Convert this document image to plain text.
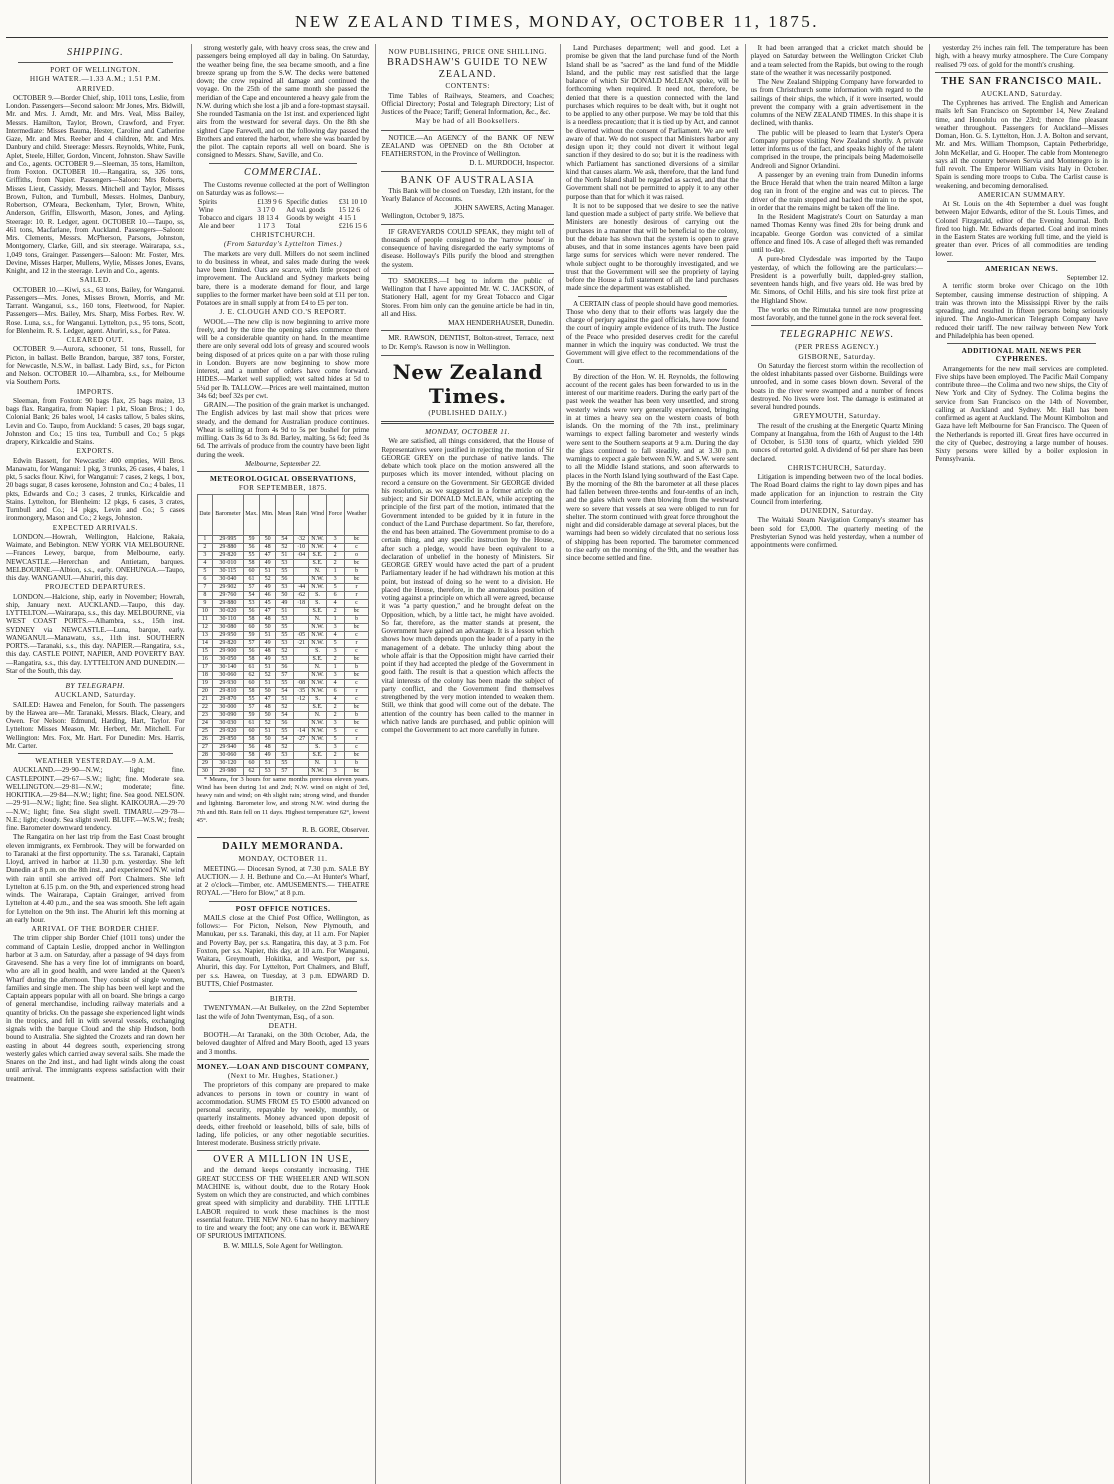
NEW ZEALAND TIMES, MONDAY, OCTOBER 11, 1875.
SHIPPING.
PORT OF WELLINGTON.
HIGH WATER.—1.33 A.M.; 1.51 P.M.
ARRIVED.

OCTOBER 9.—Border Chief, ship, 1011 tons, Leslie, from London. Passengers—Second saloon: Mr Jones, Mrs. Bidwill, Mr. and Mrs. J. Arndt, Mr. and Mrs. Veal, Miss Bailey, Messrs. Hamilton, Taylor, Brown, Crawford, and Fryer. Intermediate: Misses Bauma, Hester, Caroline and Catherine Gaze, Mr. and Mrs. Reeber and 4 children, Mr. and Mrs. Danbury and child. Steerage: Messrs. Reynolds, White, Funk, Aplet, Steele, Hiller, Gordon, Vincent, Johnston. Shaw Saville and Co., agents. OCTOBER 9.—Sleeman, 35 tons, Hamilton, from Foxton. OCTOBER 10.—Rangatira, ss, 326 tons, Griffiths, from Napier. Passengers—Saloon: Mrs Roberts, Misses Lieut, Cassidy, Messrs. Mitchell and Taylor, Misses Brown, Fulton, and Turnbull, Messrs. Holmes, Danbury, Robertson, O'Meara, Beckenham, Tyler, Brown, White, Anderson, Griffin, Ellsworth, Mason, Jones, and Ayling. Steerage: 10. R. Ledger, agent. OCTOBER 10.—Taupo, ss, 461 tons, Macfarlane, from Auckland. Passengers—Saloon: Mrs. Clements, Messrs. McPherson, Parsons, Johnston, Montgomery, Clarke, Gill, and six steerage. Wairarapa, s.s., 1,049 tons, Grainger. Passengers—Saloon: Mr. Foster, Mrs. Devine, Misses Harper, Mullens, Wylie, Misses Jones, Evans, Knight, and 12 in the steerage. Levin and Co., agents.

SAILED.

OCTOBER 10.—Kiwi, s.s., 63 tons, Bailey, for Wanganui. Passengers—Mrs. Jones, Misses Brown, Morris, and Mr. Tarrant. Wanganui, s.s., 160 tons, Fleetwood, for Napier. Passengers—Mrs. Bailey, Mrs. Sharp, Miss Forbes. Rev. W. Rose. Luna, s.s., for Wanganui. Lyttelton, p.s., 95 tons, Scott, for Blenheim. R. S. Ledger, agent. Ahuriri, s.s., for Patea.

CLEARED OUT.

OCTOBER 9.—Aurora, schooner, 51 tons, Russell, for Picton, in ballast. Belle Brandon, barque, 387 tons, Forster, for Newcastle, N.S.W., in ballast. Lady Bird, s.s., for Picton and Nelson. OCTOBER 10.—Alhambra, s.s., for Melbourne via Southern Ports.

IMPORTS.

Sleeman, from Foxton: 90 bags flax, 25 bags maize, 13 bags flax. Rangatira, from Napier: 1 pkt, Sloan Bros.; 1 do, Colonial Bank; 26 bales wool, 14 casks tallow, 5 bales skins, Levin and Co. Taupo, from Auckland: 5 cases, 20 bags sugar, Johnston and Co.; 15 tins tea, Turnbull and Co.; 5 pkgs drapery, Kirkcaldie and Stains.

EXPORTS.

Edwin Bassett, for Newcastle: 400 empties, Will Bros. Manawatu, for Wanganui: 1 pkg, 3 trunks, 26 cases, 4 bales, 1 pkt, 5 sacks flour. Kiwi, for Wanganui: 7 cases, 2 kegs, 1 box, 20 bags sugar, 8 cases kerosene, Johnston and Co.; 4 bales, 11 pkts, Edwards and Co.; 3 cases, 2 trunks, Kirkcaldie and Stains. Lyttelton, for Blenheim: 12 pkgs, 6 cases, 3 crates, Turnbull and Co.; 14 pkgs, Levin and Co.; 5 cases ironmongery, Mason and Co.; 2 kegs, Johnston.

EXPECTED ARRIVALS.

LONDON.—Howrah, Wellington, Halcione, Rakaia, Waimate, and Bebington. NEW YORK VIA MELBOURNE.—Frances Lewey, barque, from Melbourne, early. NEWCASTLE.—Hererchan and Antietam, barques. MELBOURNE.—Albion, s.s., early. ONEHUNGA.—Taupo, this day. WANGANUI.—Ahuriri, this day.

PROJECTED DEPARTURES.

LONDON.—Halcione, ship, early in November; Howrah, ship, January next. AUCKLAND.—Taupo, this day. LYTTELTON.—Wairarapa, s.s., this day. MELBOURNE, via WEST COAST PORTS.—Alhambra, s.s., 15th inst. SYDNEY via NEWCASTLE.—Luna, barque, early. WANGANUI.—Manawatu, s.s., 11th inst. SOUTHERN PORTS.—Taranaki, s.s., this day. NAPIER.—Rangatira, s.s., this day. CASTLE POINT, NAPIER, AND POVERTY BAY.—Rangatira, s.s., this day. LYTTELTON AND DUNEDIN.—Star of the South, this day.

BY TELEGRAPH.
AUCKLAND, Saturday.

SAILED: Hawea and Fenelon, for South. The passengers by the Hawea are—Mr. Taranaki, Messrs. Black, Cleary, and Owen. For Nelson: Edmund, Harding, Hart, Taylor. For Lyttelton: Misses Meason, Mr. Herbert, Mr. Mitchell. For Wellington: Mrs. Fox, Mr. Hart. For Dunedin: Mrs. Harris, Mr. Carter.

WEATHER YESTERDAY.—9 A.M.

AUCKLAND.—29·90—N.W.; light; fine. CASTLEPOINT.—29·67—S.W.; light; fine. Moderate sea. WELLINGTON.—29·81—N.W.; moderate; fine. HOKITIKA.—29·84—N.W.; light; fine. Sea good. NELSON.—29·91—N.W.; light; fine. Sea slight. KAIKOURA.—29·70—N.W.; light; fine. Sea slight swell. TIMARU.—29·78—N.E.; light; cloudy. Sea slight swell. BLUFF.—W.S.W.; fresh; fine. Barometer downward tendency.

The Rangatira on her last trip from the East Coast brought eleven immigrants, ex Fernbrook. They will be forwarded on to Taranaki at the first opportunity. The s.s. Taranaki, Captain Lloyd, arrived in harbor at 11.30 p.m. yesterday. She left Dunedin at 8 p.m. on the 8th inst., and experienced N.W. wind with rain until she arrived off Port Chalmers. She left Lyttelton at 6.15 p.m. on the 9th, and experienced strong head winds. The Wairarapa, Captain Grainger, arrived from Lyttelton at 4.40 p.m., and the sea was smooth. She left again for Lyttelton on the 9th inst. The Ahuriri left this morning at an early hour.

ARRIVAL OF THE BORDER CHIEF.

The trim clipper ship Border Chief (1011 tons) under the command of Captain Leslie, dropped anchor in Wellington harbor at 3 a.m. on Saturday, after a passage of 94 days from Gravesend. She has a very fine lot of immigrants on board, who are all in good health, and were landed at the Queen's Wharf during the afternoon. They consist of single women, families and single men. The ship has been well kept and the Captain appears popular with all on board. She brings a cargo of general merchandise, including railway materials and a quantity of bricks. On the passage she experienced light winds in the tropics, and fell in with several vessels, exchanging signals with the barque Cloud and the ship Hudson, both bound to Australia. She sighted the Crozets and ran down her easting in about 44 degrees south, experiencing strong westerly gales which carried away several sails. She made the Snares on the 2nd inst., and had light winds along the coast until arrival. The immigrants express satisfaction with their treatment.

strong westerly gale, with heavy cross seas, the crew and passengers being employed all day in baling. On Saturday, the weather being fine, the sea became smooth, and a fine breeze sprang up from the S.W. The decks were battened down; the crew repaired all damage and continued the voyage. On the 25th of the same month she passed the meridian of the Cape and encountered a heavy gale from the N.W. during which she lost a jib and a fore-topmast staysail. She rounded Tasmania on the 1st inst. and experienced light airs from the westward for several days. On the 8th she sighted Cape Farewell, and on the following day passed the Brothers and entered the harbor, where she was boarded by the pilot. The captain reports all well on board. She is consigned to Messrs. Shaw, Saville, and Co.

COMMERCIAL.

The Customs revenue collected at the port of Wellington on Saturday was as follows:—

Spirits	£139 9 6	Specific duties	£31 10 10
Wine	3 17 0	Ad val. goods	15 12 6
Tobacco and cigars	18 13 4	Goods by weight	4 15 1
Ale and beer	1 17 3	Total	£216 15 6
CHRISTCHURCH.
(From Saturday's Lyttelton Times.)

The markets are very dull. Millers do not seem inclined to do business in wheat, and sales made during the week have been limited. Oats are scarce, with little prospect of improvement. The Auckland and Sydney markets being bare, there is a moderate demand for flour, and large supplies to the former market have been sold at £11 per ton. Potatoes are in small supply at from £4 to £5 per ton.

J. E. CLOUGH AND CO.'S REPORT.

WOOL.—The new clip is now beginning to arrive more freely, and by the time the opening sales commence there will be a considerable quantity on hand. In the meantime there are only several odd lots of greasy and scoured wools being disposed of at prices quite on a par with those ruling in London. Buyers are now beginning to show more interest, and a number of orders have come forward. HIDES.—Market well supplied; wet salted hides at 5d to 5¼d per lb. TALLOW.—Prices are well maintained, mutton 34s 6d; beef 32s per cwt.

GRAIN.—The position of the grain market is unchanged. The English advices by last mail show that prices were steady, and the demand for Australian produce continues. Wheat is selling at from 4s 9d to 5s per bushel for prime milling. Oats 3s 6d to 3s 8d. Barley, malting, 5s 6d; feed 3s 6d. The arrivals of produce from the country have been light during the week.

Melbourne, September 22.
METEOROLOGICAL OBSERVATIONS,
FOR SEPTEMBER, 1875.
Date	Barometer	Max.	Min.	Mean	Rain	Wind	Force	Weather
1	29·995	59	50	54	·32	N.W.	3	bc
2	29·880	56	48	52	·10	N.W.	4	c
3	29·820	55	47	51	·04	S.E.	2	o
4	30·010	58	49	53		S.E.	2	bc
5	30·115	60	51	55		N.	1	b
6	30·040	61	52	56		N.W.	3	bc
7	29·902	57	49	53	·44	N.W.	5	r
8	29·760	54	46	50	·62	S.	6	r
9	29·880	53	45	49	·18	S.	4	c
10	30·020	56	47	51		S.E.	2	bc
11	30·110	58	48	53		N.	1	b
12	30·080	60	50	55		N.W.	3	bc
13	29·950	59	51	55	·05	N.W.	4	c
14	29·820	57	49	53	·21	N.W.	5	r
15	29·900	56	48	52		S.	3	c
16	30·050	58	49	53		S.E.	2	bc
17	30·140	61	51	56		N.	1	b
18	30·060	62	52	57		N.W.	3	bc
19	29·930	60	51	55	·08	N.W.	4	c
20	29·810	58	50	54	·35	N.W.	6	r
21	29·870	55	47	51	·12	S.	4	c
22	30·000	57	48	52		S.E.	2	bc
23	30·090	59	50	54		N.	2	b
24	30·030	61	52	56		N.W.	3	bc
25	29·920	60	51	55	·14	N.W.	5	c
26	29·850	58	50	54	·27	N.W.	5	r
27	29·940	56	48	52		S.	3	c
28	30·060	58	49	53		S.E.	2	bc
29	30·120	60	51	55		N.	1	b
30	29·980	62	53	57		N.W.	3	bc

* Means, for 3 hours for same months previous eleven years. Wind has been during 1st and 2nd; N.W. wind on night of 3rd, heavy rain and wind; on 4th slight rain; strong wind, and thunder and lightning. Barometer low, and strong N.W. wind during the 7th and 8th. Rain fell on 11 days. Highest temperature 62°, lowest 45°.

R. B. GORE, Observer.
DAILY MEMORANDA.
MONDAY, OCTOBER 11.

MEETING.— Diocesan Synod, at 7.30 p.m. SALE BY AUCTION.— J. H. Bethune and Co.—At Hunter's Wharf, at 2 o'clock—Timber, etc. AMUSEMENTS.— THEATRE ROYAL.—"Hero for Blow," at 8 p.m.

POST OFFICE NOTICES.

MAILS close at the Chief Post Office, Wellington, as follows:— For Picton, Nelson, New Plymouth, and Manukau, per s.s. Taranaki, this day, at 11 a.m. For Napier and Poverty Bay, per s.s. Rangatira, this day, at 3 p.m. For Foxton, per s.s. Napier, this day, at 10 a.m. For Wanganui, Waitara, Greymouth, Hokitika, and Westport, per s.s. Ahuriri, this day. For Lyttelton, Port Chalmers, and Bluff, per s.s. Hawea, on Tuesday, at 3 p.m. EDWARD D. BUTTS, Chief Postmaster.

BIRTH.

TWENTYMAN.—At Bulkeley, on the 22nd September last the wife of John Twentyman, Esq., of a son.

DEATH.

BOOTH.—At Taranaki, on the 30th October, Ada, the beloved daughter of Alfred and Mary Booth, aged 13 years and 3 months.

MONEY.—LOAN AND DISCOUNT COMPANY,
(Next to Mr. Hughes, Stationer.)

The proprietors of this company are prepared to make advances to persons in town or country in want of accommodation. SUMS FROM £5 TO £5000 advanced on personal security, repayable by weekly, monthly, or quarterly instalments. Money advanced upon deposit of deeds, either freehold or leasehold, bills of sale, bills of lading, life policies, or any other negotiable securities. Interest moderate. Business strictly private.

OVER A MILLION IN USE,

and the demand keeps constantly increasing. THE GREAT SUCCESS OF THE WHEELER AND WILSON MACHINE is, without doubt, due to the Rotary Hook System on which they are constructed, and which combines great speed with simplicity and durability. THE LITTLE LABOR required to work these machines is the most essential feature. THE NEW NO. 6 has no heavy machinery to tire and weary the foot; any one can work it. BEWARE OF SPURIOUS IMITATIONS.

B. W. MILLS, Sole Agent for Wellington.
NOW PUBLISHING, PRICE ONE SHILLING.
BRADSHAW'S GUIDE TO NEW ZEALAND.
CONTENTS:

Time Tables of Railways, Steamers, and Coaches; Official Directory; Postal and Telegraph Directory; List of Justices of the Peace; Tariff; General Information, &c., &c.

May be had of all Booksellers.

NOTICE.—An AGENCY of the BANK OF NEW ZEALAND was OPENED on the 8th October at FEATHERSTON, in the Province of Wellington.

D. L. MURDOCH, Inspector.
BANK OF AUSTRALASIA

This Bank will be closed on Tuesday, 12th instant, for the Yearly Balance of Accounts.

JOHN SAWERS, Acting Manager.
Wellington, October 9, 1875.

IF GRAVEYARDS COULD SPEAK, they might tell of thousands of people consigned to the 'narrow house' in consequence of having disregarded the early symptoms of disease. Holloway's Pills purify the blood and strengthen the system.

TO SMOKERS.—I beg to inform the public of Wellington that I have appointed Mr. W. C. JACKSON, of Stationery Hall, agent for my Great Tobacco and Cigar Stores. From him only can the genuine article be had in tin, all and Hiss.

MAX HENDERHAUSER, Dunedin.

MR. RAWSON, DENTIST, Bolton-street, Terrace, next to Dr. Kemp's. Rawson is now in Wellington.

New Zealand Times.
(PUBLISHED DAILY.)
MONDAY, OCTOBER 11.

We are satisfied, all things considered, that the House of Representatives were justified in rejecting the motion of Sir GEORGE GREY on the purchase of native lands. The debate which took place on the motion answered all the purposes which its mover intended, without placing on record a censure on the Government. Sir GEORGE divided his resolution, as we suggested in a former article on the subject; and Sir DONALD McLEAN, while accepting the principle of the first part of the motion, intimated that the Government intended to be guided by it in future in the conduct of the Land Purchase department. So far, therefore, the end has been attained. The Government promise to do a certain thing, and any specific instruction by the House, after such a pledge, would have been equivalent to a declaration of unbelief in the honesty of Ministers. Sir GEORGE GREY would have acted the part of a prudent Parliamentary leader if he had withdrawn his motion at this point, but instead of doing so he went to a division. He placed the House, therefore, in the anomalous position of voting against a principle on which all were agreed, because it was "a party question," and he brought defeat on the Opposition, which, by a little tact, he might have avoided. So far, therefore, as the matter stands at present, the Government have gained an advantage. It is a lesson which shows how much depends upon the leader of a party in the management of a debate. The unlucky thing about the whole affair is that the Opposition might have carried their point if they had accepted the pledge of the Government in good faith. The result is that a question which affects the vital interests of the colony has been made the subject of party conflict, and the Government find themselves strengthened by the very motion intended to weaken them. Still, we think that good will come out of the debate. The attention of the country has been called to the manner in which native lands are purchased, and public opinion will compel the Government to act more carefully in future.

Land Purchases department; well and good. Let a promise be given that the land purchase fund of the North Island shall be as "sacred" as the land fund of the Middle Island, and the public may rest satisfied that the large balance of which Sir DONALD McLEAN spoke, will be forthcoming when required. It need not, therefore, be denied that there is a question connected with the land purchases which requires to be dealt with, but it ought not to be applied to any other purpose. We may be told that this is a needless precaution; that it is tied up by Act, and cannot be diverted without the consent of Parliament. We are well aware of that. We do not suspect that Ministers harbor any design upon it; they could not divert it without legal sanction if they desired to do so; but it is the readiness with which Parliament has sanctioned diversions of a similar kind that causes alarm. We ask, therefore, that the land fund of the North Island shall be regarded as sacred, and that the Government shall not be permitted to apply it to any other purpose than that for which it was raised.

It is not to be supposed that we desire to see the native land question made a subject of party strife. We believe that Ministers are honestly desirous of carrying out the purchases in a manner that will be beneficial to the colony, but the debate has shown that the system is open to grave abuses, and that in some instances agents have been paid large sums for services which were never rendered. The whole subject ought to be thoroughly investigated, and we trust that the Government will see the propriety of laying before the House a full statement of all the land purchases made since the department was established.

A CERTAIN class of people should have good memories. Those who deny that to their efforts was largely due the charge of perjury against the gaol officials, have now found the court of inquiry ample evidence of its truth. The Justice of the Peace who presided deserves credit for the careful manner in which the inquiry was conducted. We trust the Government will give effect to the recommendations of the Court.

By direction of the Hon. W. H. Reynolds, the following account of the recent gales has been forwarded to us in the interest of our maritime readers. During the early part of the past week the weather has been very unsettled, and strong westerly winds were very generally experienced, bringing in at times a heavy sea on the western coasts of both islands. On the morning of the 7th inst., preliminary warnings to expect falling barometer and westerly winds were sent to the Southern seaports at 9 a.m. During the day the glass continued to fall steadily, and at 3.30 p.m. warnings to expect a gale between N.W. and S.W. were sent to all the Middle Island stations, and soon afterwards to places in the North Island lying southward of the East Cape. By the morning of the 8th the barometer at all these places had fallen between three-tenths and four-tenths of an inch, and the gales which were then blowing from the westward were so severe that vessels at sea were obliged to run for shelter. The storm continued with great force throughout the night and did considerable damage at several places, but the warnings had been so widely circulated that no serious loss of shipping has been reported. The barometer commenced to rise early on the morning of the 9th, and the weather has since become settled and fine.

It had been arranged that a cricket match should be played on Saturday between the Wellington Cricket Club and a team selected from the Rapids, but owing to the rough state of the weather it was necessarily postponed.

The New Zealand Shipping Company have forwarded to us from Christchurch some information with regard to the sailings of their ships, the which, if it were inserted, would prevent the company with a grain advertisement in the columns of the NEW ZEALAND TIMES. In this shape it is declined, with thanks.

The public will be pleased to learn that Lyster's Opera Company purpose visiting New Zealand shortly. A private letter informs us of the fact, and speaks highly of the talent comprised in the troupe, the principals being Mademoiselle Andreoli and Signor Orlandini.

A passenger by an evening train from Dunedin informs the Bruce Herald that when the train neared Milton a large dog ran in front of the engine and was cut to pieces. The driver of the train stopped and backed the train to the spot, in order that the remains might be taken off the line.

In the Resident Magistrate's Court on Saturday a man named Thomas Kenny was fined 20s for being drunk and incapable. George Gordon was convicted of a similar offence and fined 10s. A case of alleged theft was remanded until to-day.

A pure-bred Clydesdale was imported by the Taupo yesterday, of which the following are the particulars:—President is a powerfully built, dappled-grey stallion, seventeen hands high, and five years old. He was bred by Mr. Simons, of Ochil Hills, and his sire took first prize at the Highland Show.

The works on the Rimutaka tunnel are now progressing most favorably, and the tunnel gone in the rock several feet.

TELEGRAPHIC NEWS.
(PER PRESS AGENCY.)
GISBORNE, Saturday.

On Saturday the fiercest storm within the recollection of the oldest inhabitants passed over Gisborne. Buildings were unroofed, and in some cases blown down. Several of the boats in the river were swamped and a number of fences destroyed. No lives were lost. The damage is estimated at several hundred pounds.

GREYMOUTH, Saturday.

The result of the crushing at the Energetic Quartz Mining Company at Inangahua, from the 16th of August to the 14th of October, is 5130 tons of quartz, which yielded 590 ounces of retorted gold. A dividend of 6d per share has been declared.

CHRISTCHURCH, Saturday.

Litigation is impending between two of the local bodies. The Road Board claims the right to lay down pipes and has made application for an injunction to restrain the City Council from interfering.

DUNEDIN, Saturday.

The Waitaki Steam Navigation Company's steamer has been sold for £3,000. The quarterly meeting of the Presbyterian Synod was held yesterday, when a number of appointments were confirmed.

yesterday 2½ inches rain fell. The temperature has been high, with a heavy murky atmosphere. The Cure Company realised 79 ozs. of gold for the month's crushing.

THE SAN FRANCISCO MAIL.
AUCKLAND, Saturday.

The Cyphrenes has arrived. The English and American mails left San Francisco on September 14, New Zealand time, and Honolulu on the 23rd; thence fine pleasant weather throughout. Passengers for Auckland—Misses Doman, Hon. G. S. Lyttelton, Hon. J. A. Bolton and servant, Mr. and Mrs. William Thompson, Captain Petherbridge, John McKellar, and G. Hooper. The cable from Montenegro says all the country between Servia and Montenegro is in full revolt. The Emperor William visits Italy in October. Spain is sending more troops to Cuba. The Carlist cause is weakening, and becoming demoralised.

AMERICAN SUMMARY.

At St. Louis on the 4th September a duel was fought between Major Edwards, editor of the St. Louis Times, and Colonel Fitzgerald, editor of the Evening Journal. Both fired too high. Mr. Edwards departed. Coal and iron mines in the Eastern States are working full time, and the yield is greater than ever. Prices of all commodities are tending lower.

AMERICAN NEWS.
September 12.

A terrific storm broke over Chicago on the 10th September, causing immense destruction of shipping. A train was thrown into the Mississippi River by the rails spreading, and resulted in fifteen persons being seriously injured. The Anglo-American Telegraph Company have reduced their tariff. The new railway between New York and Philadelphia has been opened.

ADDITIONAL MAIL NEWS PER CYPHRENES.

Arrangements for the new mail services are completed. Five ships have been employed. The Pacific Mail Company contribute three—the Colima and two new ships, the City of New York and City of Sydney. The Colima begins the service from San Francisco on the 14th of November, calling at Auckland and Sydney. Mr. Hall has been confirmed as agent at Auckland. The Mount Kimbolton and Gaza have left Melbourne for San Francisco. The Queen of the Netherlands is reported ill. Great fires have occurred in the city of Quebec, destroying a large number of houses. Sixty persons were killed by a boiler explosion in Pennsylvania.
